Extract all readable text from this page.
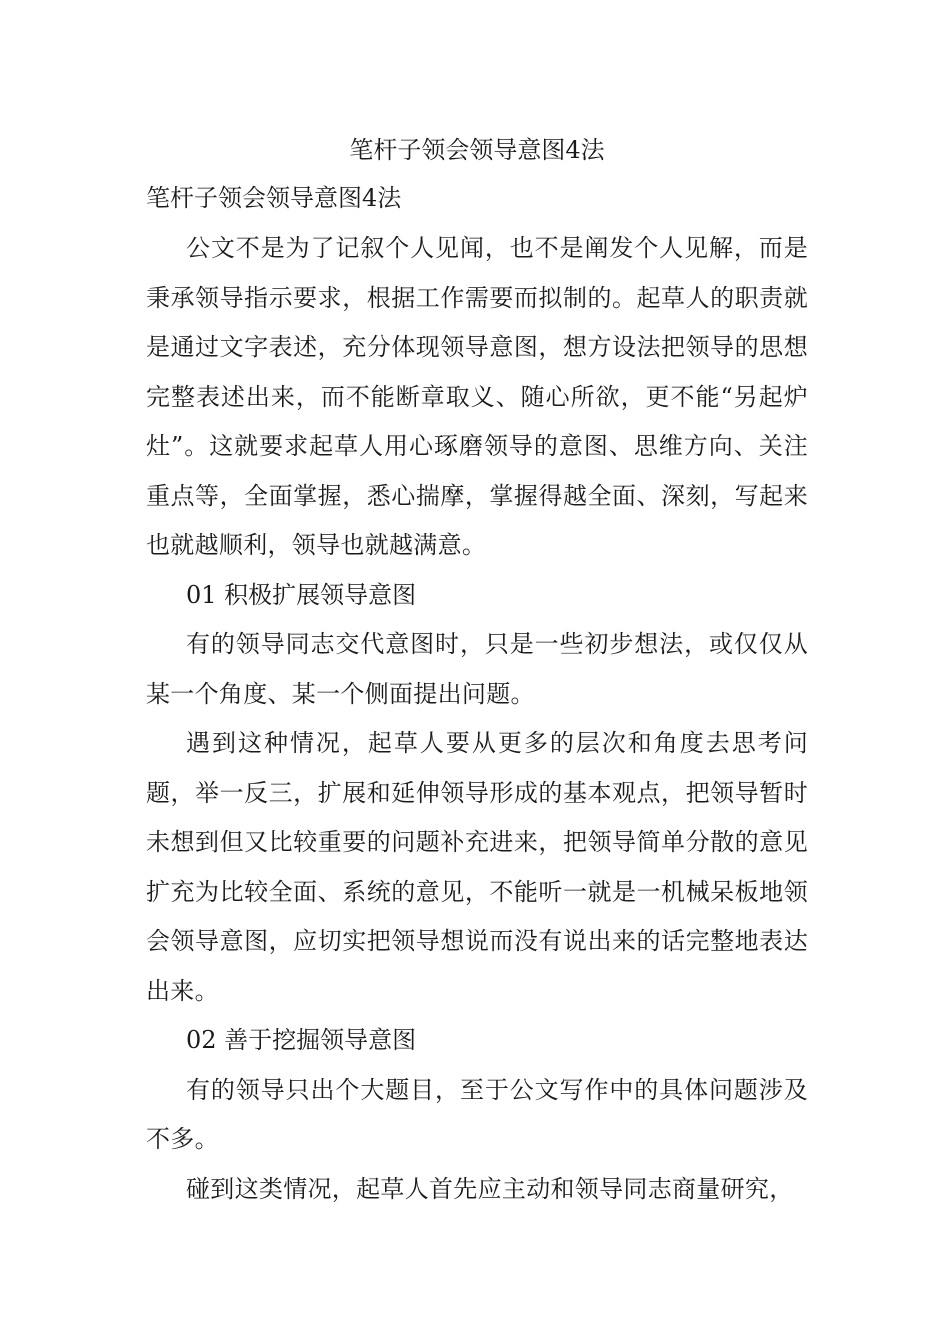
笔杆子领会领导意图4法

笔杆子领会领导意图4法

公文不是为了记叙个人见闻，也不是阐发个人见解，而是秉承领导指示要求，根据工作需要而拟制的。起草人的职责就是通过文字表述，充分体现领导意图，想方设法把领导的思想完整表述出来，而不能断章取义、随心所欲，更不能“另起炉灶”。这就要求起草人用心琢磨领导的意图、思维方向、关注重点等，全面掌握，悉心揣摩，掌握得越全面、深刻，写起来也就越顺利，领导也就越满意。

01 积极扩展领导意图

有的领导同志交代意图时，只是一些初步想法，或仅仅从某一个角度、某一个侧面提出问题。

遇到这种情况，起草人要从更多的层次和角度去思考问题，举一反三，扩展和延伸领导形成的基本观点，把领导暂时未想到但又比较重要的问题补充进来，把领导简单分散的意见扩充为比较全面、系统的意见，不能听一就是一机械呆板地领会领导意图，应切实把领导想说而没有说出来的话完整地表达出来。

02 善于挖掘领导意图

有的领导只出个大题目，至于公文写作中的具体问题涉及不多。

碰到这类情况，起草人首先应主动和领导同志商量研究，
